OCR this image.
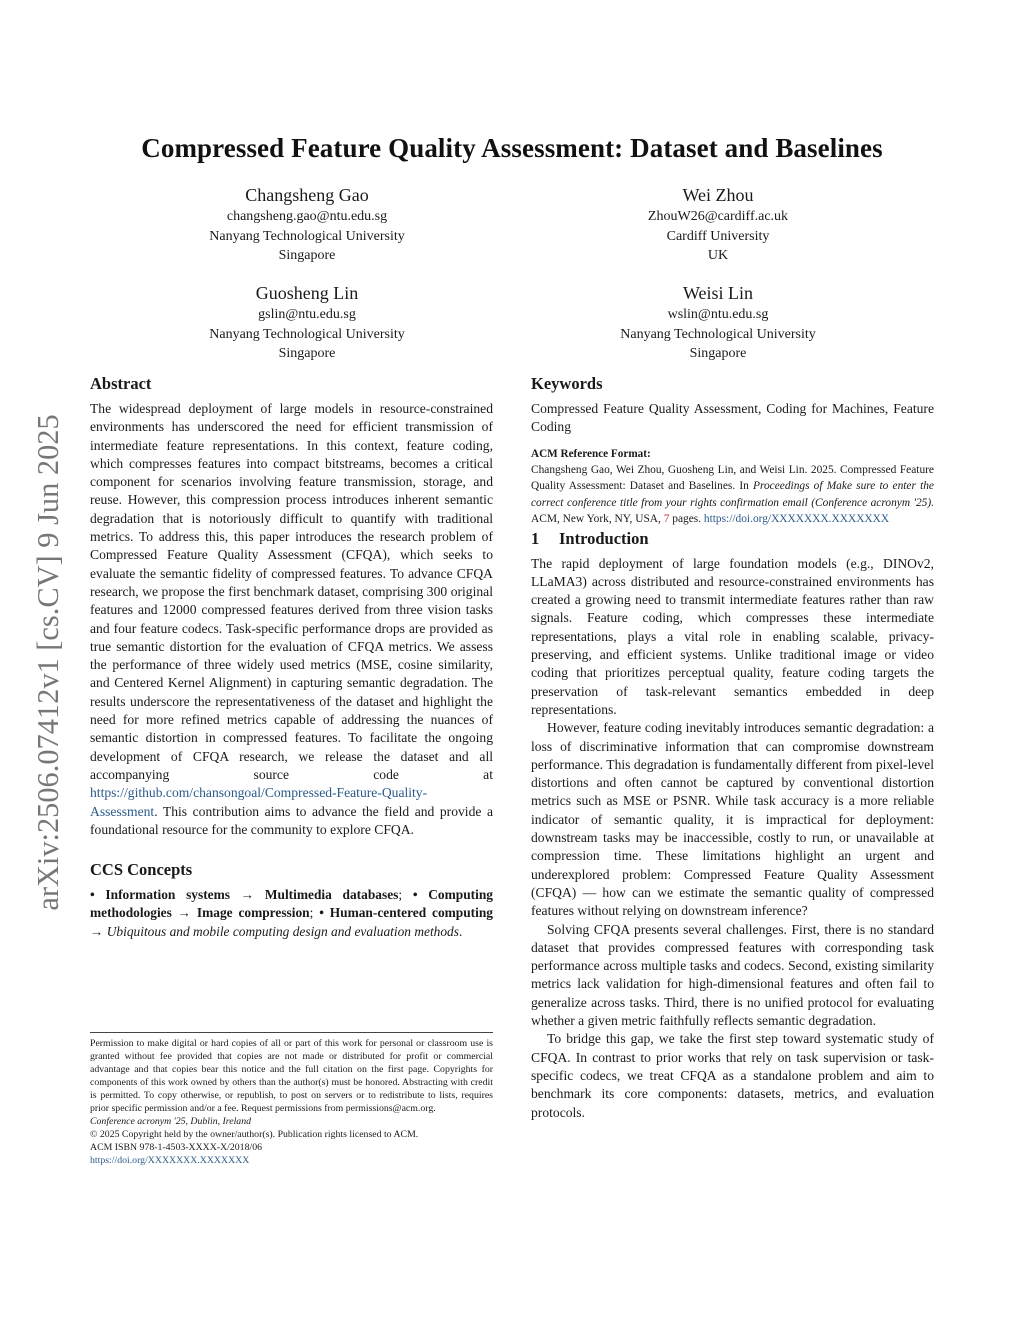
arXiv:2506.07412v1 [cs.CV] 9 Jun 2025
Compressed Feature Quality Assessment: Dataset and Baselines
Changsheng Gao
changsheng.gao@ntu.edu.sg
Nanyang Technological University
Singapore
Wei Zhou
ZhouW26@cardiff.ac.uk
Cardiff University
UK
Guosheng Lin
gslin@ntu.edu.sg
Nanyang Technological University
Singapore
Weisi Lin
wslin@ntu.edu.sg
Nanyang Technological University
Singapore
Abstract

The widespread deployment of large models in resource-constrained environments has underscored the need for efficient transmission of intermediate feature representations. In this context, feature coding, which compresses features into compact bitstreams, becomes a critical component for scenarios involving feature transmission, storage, and reuse. However, this compression process introduces inherent semantic degradation that is notoriously difficult to quantify with traditional metrics. To address this, this paper introduces the research problem of Compressed Feature Quality Assessment (CFQA), which seeks to evaluate the semantic fidelity of compressed features. To advance CFQA research, we propose the first benchmark dataset, comprising 300 original features and 12000 compressed features derived from three vision tasks and four feature codecs. Task-specific performance drops are provided as true semantic distortion for the evaluation of CFQA metrics. We assess the performance of three widely used metrics (MSE, cosine similarity, and Centered Kernel Alignment) in capturing semantic degradation. The results underscore the representativeness of the dataset and highlight the need for more refined metrics capable of addressing the nuances of semantic distortion in compressed features. To facilitate the ongoing development of CFQA research, we release the dataset and all accompanying source code at https://github.com/chansongoal/Compressed-Feature-Quality-Assessment. This contribution aims to advance the field and provide a foundational resource for the community to explore CFQA.

CCS Concepts

• Information systems → Multimedia databases; • Computing methodologies → Image compression; • Human-centered computing → Ubiquitous and mobile computing design and evaluation methods.

Permission to make digital or hard copies of all or part of this work for personal or classroom use is granted without fee provided that copies are not made or distributed for profit or commercial advantage and that copies bear this notice and the full citation on the first page. Copyrights for components of this work owned by others than the author(s) must be honored. Abstracting with credit is permitted. To copy otherwise, or republish, to post on servers or to redistribute to lists, requires prior specific permission and/or a fee. Request permissions from permissions@acm.org.

Conference acronym '25, Dublin, Ireland
© 2025 Copyright held by the owner/author(s). Publication rights licensed to ACM.
ACM ISBN 978-1-4503-XXXX-X/2018/06
https://doi.org/XXXXXXX.XXXXXXX
Keywords

Compressed Feature Quality Assessment, Coding for Machines, Feature Coding

ACM Reference Format:

Changsheng Gao, Wei Zhou, Guosheng Lin, and Weisi Lin. 2025. Compressed Feature Quality Assessment: Dataset and Baselines. In Proceedings of Make sure to enter the correct conference title from your rights confirmation email (Conference acronym '25). ACM, New York, NY, USA, 7 pages. https://doi.org/XXXXXXX.XXXXXXX

1	Introduction

The rapid deployment of large foundation models (e.g., DINOv2, LLaMA3) across distributed and resource-constrained environments has created a growing need to transmit intermediate features rather than raw signals. Feature coding, which compresses these intermediate representations, plays a vital role in enabling scalable, privacy-preserving, and efficient systems. Unlike traditional image or video coding that prioritizes perceptual quality, feature coding targets the preservation of task-relevant semantics embedded in deep representations.

However, feature coding inevitably introduces semantic degradation: a loss of discriminative information that can compromise downstream performance. This degradation is fundamentally different from pixel-level distortions and often cannot be captured by conventional distortion metrics such as MSE or PSNR. While task accuracy is a more reliable indicator of semantic quality, it is impractical for deployment: downstream tasks may be inaccessible, costly to run, or unavailable at compression time. These limitations highlight an urgent and underexplored problem: Compressed Feature Quality Assessment (CFQA) — how can we estimate the semantic quality of compressed features without relying on downstream inference?

Solving CFQA presents several challenges. First, there is no standard dataset that provides compressed features with corresponding task performance across multiple tasks and codecs. Second, existing similarity metrics lack validation for high-dimensional features and often fail to generalize across tasks. Third, there is no unified protocol for evaluating whether a given metric faithfully reflects semantic degradation.

To bridge this gap, we take the first step toward systematic study of CFQA. In contrast to prior works that rely on task supervision or task-specific codecs, we treat CFQA as a standalone problem and aim to benchmark its core components: datasets, metrics, and evaluation protocols.
